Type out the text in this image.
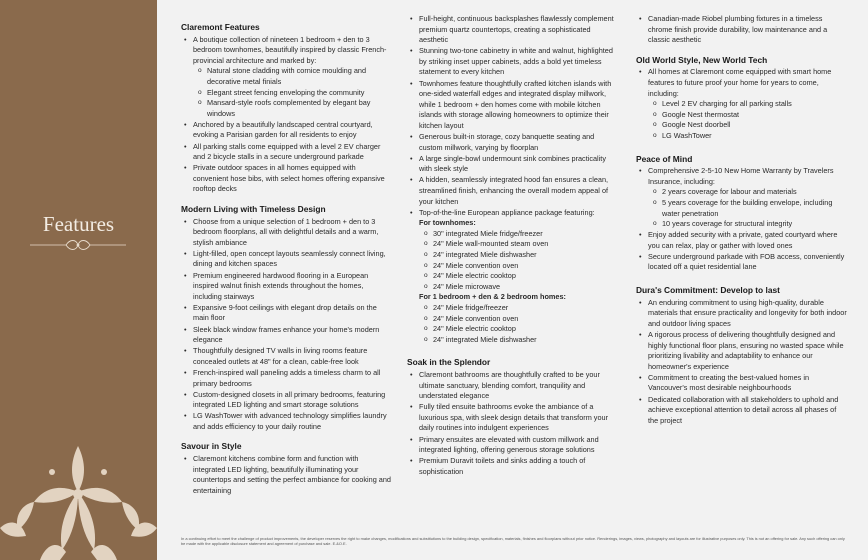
Features
Claremont Features
• A boutique collection of nineteen 1 bedroom + den to 3 bedroom townhomes, beautifully inspired by classic French-provincial architecture and marked by:
o Natural stone cladding with cornice moulding and decorative metal finials
o Elegant street fencing enveloping the community
o Mansard-style roofs complemented by elegant bay windows
• Anchored by a beautifully landscaped central courtyard, evoking a Parisian garden for all residents to enjoy
• All parking stalls come equipped with a level 2 EV charger and 2 bicycle stalls in a secure underground parkade
• Private outdoor spaces in all homes equipped with convenient hose bibs, with select homes offering expansive rooftop decks
Modern Living with Timeless Design
• Choose from a unique selection of 1 bedroom + den to 3 bedroom floorplans, all with delightful details and a warm, stylish ambiance
• Light-filled, open concept layouts seamlessly connect living, dining and kitchen spaces
• Premium engineered hardwood flooring in a European inspired walnut finish extends throughout the homes, including stairways
• Expansive 9-foot ceilings with elegant drop details on the main floor
• Sleek black window frames enhance your home's modern elegance
• Thoughtfully designed TV walls in living rooms feature concealed outlets at 48" for a clean, cable-free look
• French-inspired wall paneling adds a timeless charm to all primary bedrooms
• Custom-designed closets in all primary bedrooms, featuring integrated LED lighting and smart storage solutions
• LG WashTower with advanced technology simplifies laundry and adds efficiency to your daily routine
Savour in Style
• Claremont kitchens combine form and function with integrated LED lighting, beautifully illuminating your countertops and setting the perfect ambiance for cooking and entertaining
• Full-height, continuous backsplashes flawlessly complement premium quartz countertops, creating a sophisticated aesthetic
• Stunning two-tone cabinetry in white and walnut, highlighted by striking inset upper cabinets, adds a bold yet timeless statement to every kitchen
• Townhomes feature thoughtfully crafted kitchen islands with one-sided waterfall edges and integrated display millwork, while 1 bedroom + den homes come with mobile kitchen islands with storage allowing homeowners to optimize their kitchen layout
• Generous built-in storage, cozy banquette seating and custom millwork, varying by floorplan
• A large single-bowl undermount sink combines practicality with sleek style
• A hidden, seamlessly integrated hood fan ensures a clean, streamlined finish, enhancing the overall modern appeal of your kitchen
• Top-of-the-line European appliance package featuring:
For townhomes:
o 30" integrated Miele fridge/freezer
o 24" Miele wall-mounted steam oven
o 24" integrated Miele dishwasher
o 24" Miele convention oven
o 24" Miele electric cooktop
o 24" Miele microwave
For 1 bedroom + den & 2 bedroom homes:
o 24" Miele fridge/freezer
o 24" Miele convention oven
o 24" Miele electric cooktop
o 24" integrated Miele dishwasher
Soak in the Splendor
• Claremont bathrooms are thoughtfully crafted to be your ultimate sanctuary, blending comfort, tranquility and understated elegance
• Fully tiled ensuite bathrooms evoke the ambiance of a luxurious spa, with sleek design details that transform your daily routines into indulgent experiences
• Primary ensuites are elevated with custom millwork and integrated lighting, offering generous storage solutions
• Premium Duravit toilets and sinks adding a touch of sophistication
• Canadian-made Riobel plumbing fixtures in a timeless chrome finish provide durability, low maintenance and a classic aesthetic
Old World Style, New World Tech
• All homes at Claremont come equipped with smart home features to future proof your home for years to come, including:
o Level 2 EV charging for all parking stalls
o Google Nest thermostat
o Google Nest doorbell
o LG WashTower
Peace of Mind
• Comprehensive 2-5-10 New Home Warranty by Travelers Insurance, including:
o 2 years coverage for labour and materials
o 5 years coverage for the building envelope, including water penetration
o 10 years coverage for structural integrity
• Enjoy added security with a private, gated courtyard where you can relax, play or gather with loved ones
• Secure underground parkade with FOB access, conveniently located off a quiet residential lane
Dura's Commitment: Develop to last
• An enduring commitment to using high-quality, durable materials that ensure practicality and longevity for both indoor and outdoor living spaces
• A rigorous process of delivering thoughtfully designed and highly functional floor plans, ensuring no wasted space while prioritizing livability and adaptability to enhance our homeowner's experience
• Commitment to creating the best-valued homes in Vancouver's most desirable neighbourhoods
• Dedicated collaboration with all stakeholders to uphold and achieve exceptional attention to detail across all phases of the project
In a continuing effort to meet the challenge of product improvements, the developer reserves the right to make changes, modifications and substitutions to the building design, specification, materials, finishes and floorplans without prior notice. Renderings, images, views, photography and layouts are for illustrative purposes only. This is not an offering for sale. Any such offering can only be made with the applicable disclosure statement and agreement of purchase and sale. E.&O.E.
